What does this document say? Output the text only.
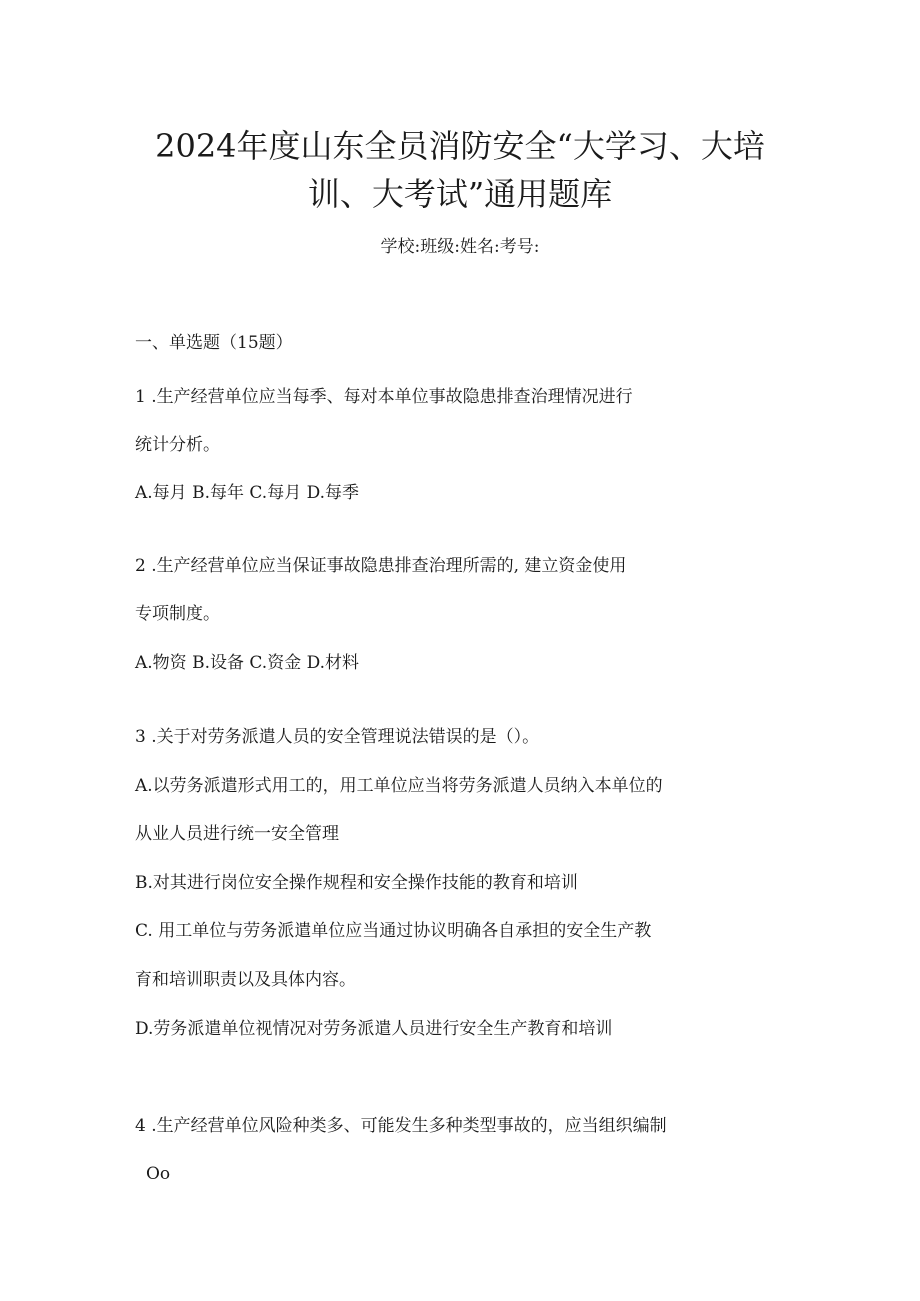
2024年度山东全员消防安全“大学习、大培
训、大考试”通用题库
学校:班级:姓名:考号:
一、单选题（15题）
1 .生产经营单位应当每季、每对本单位事故隐患排查治理情况进行
统计分析。
A.每月 B.每年 C.每月 D.每季
2 .生产经营单位应当保证事故隐患排查治理所需的, 建立资金使用
专项制度。
A.物资 B.设备 C.资金 D.材料
3 .关于对劳务派遣人员的安全管理说法错误的是（）。
A.以劳务派遣形式用工的，用工单位应当将劳务派遣人员纳入本单位的
从业人员进行统一安全管理
B.对其进行岗位安全操作规程和安全操作技能的教育和培训
C. 用工单位与劳务派遣单位应当通过协议明确各自承担的安全生产教
育和培训职责以及具体内容。
D.劳务派遣单位视情况对劳务派遣人员进行安全生产教育和培训
4 .生产经营单位风险种类多、可能发生多种类型事故的，应当组织编制
Oo
